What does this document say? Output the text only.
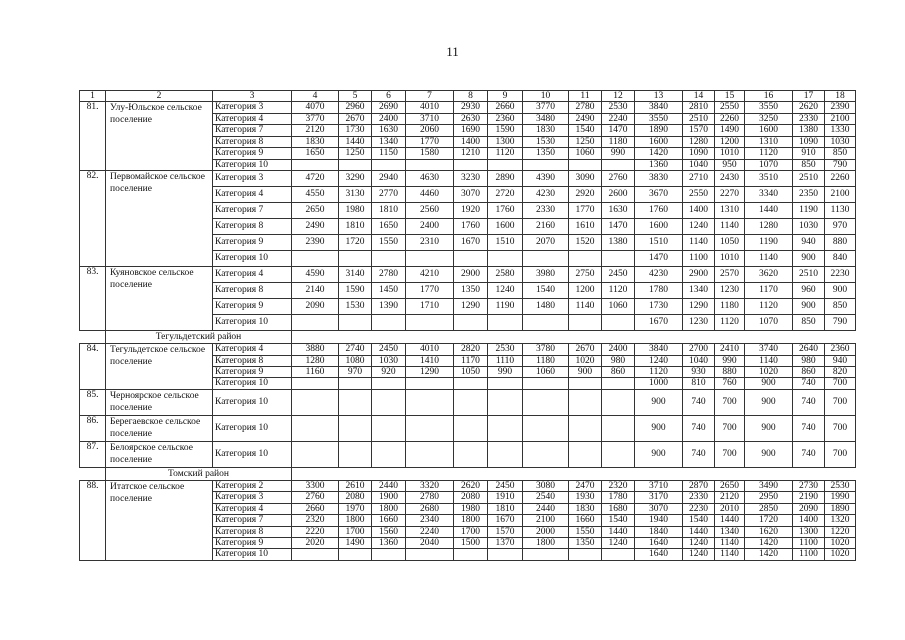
11
1	2	3	4	5	6	7	8	9	10	11	12	13	14	15	16	17	18
81.	Улу-Юльское сельское поселение	Категория 3	4070	2960	2690	4010	2930	2660	3770	2780	2530	3840	2810	2550	3550	2620	2390
		Категория 4	3770	2670	2400	3710	2630	2360	3480	2490	2240	3550	2510	2260	3250	2330	2100
		Категория 7	2120	1730	1630	2060	1690	1590	1830	1540	1470	1890	1570	1490	1600	1380	1330
		Категория 8	1830	1440	1340	1770	1400	1300	1530	1250	1180	1600	1280	1200	1310	1090	1030
		Категория 9	1650	1250	1150	1580	1210	1120	1350	1060	990	1420	1090	1010	1120	910	850
		Категория 10										1360	1040	950	1070	850	790
82.	Первомайское сельское поселение	Категория 3	4720	3290	2940	4630	3230	2890	4390	3090	2760	3830	2710	2430	3510	2510	2260
		Категория 4	4550	3130	2770	4460	3070	2720	4230	2920	2600	3670	2550	2270	3340	2350	2100
		Категория 7	2650	1980	1810	2560	1920	1760	2330	1770	1630	1760	1400	1310	1440	1190	1130
		Категория 8	2490	1810	1650	2400	1760	1600	2160	1610	1470	1600	1240	1140	1280	1030	970
		Категория 9	2390	1720	1550	2310	1670	1510	2070	1520	1380	1510	1140	1050	1190	940	880
		Категория 10										1470	1100	1010	1140	900	840
83.	Куяновское сельское поселение	Категория 4	4590	3140	2780	4210	2900	2580	3980	2750	2450	4230	2900	2570	3620	2510	2230
		Категория 8	2140	1590	1450	1770	1350	1240	1540	1200	1120	1780	1340	1230	1170	960	900
		Категория 9	2090	1530	1390	1710	1290	1190	1480	1140	1060	1730	1290	1180	1120	900	850
		Категория 10										1670	1230	1120	1070	850	790
	Тегульдетский район																
84.	Тегульдетское сельское поселение	Категория 4	3880	2740	2450	4010	2820	2530	3780	2670	2400	3840	2700	2410	3740	2640	2360
		Категория 8	1280	1080	1030	1410	1170	1110	1180	1020	980	1240	1040	990	1140	980	940
		Категория 9	1160	970	920	1290	1050	990	1060	900	860	1120	930	880	1020	860	820
		Категория 10										1000	810	760	900	740	700
85.	Черноярское сельское поселение	Категория 10										900	740	700	900	740	700
86.	Берегаевское сельское поселение	Категория 10										900	740	700	900	740	700
87.	Белоярское сельское поселение	Категория 10										900	740	700	900	740	700
	Томский район																
88.	Итатское сельское поселение	Категория 2	3300	2610	2440	3320	2620	2450	3080	2470	2320	3710	2870	2650	3490	2730	2530
		Категория 3	2760	2080	1900	2780	2080	1910	2540	1930	1780	3170	2330	2120	2950	2190	1990
		Категория 4	2660	1970	1800	2680	1980	1810	2440	1830	1680	3070	2230	2010	2850	2090	1890
		Категория 7	2320	1800	1660	2340	1800	1670	2100	1660	1540	1940	1540	1440	1720	1400	1320
		Категория 8	2220	1700	1560	2240	1700	1570	2000	1550	1440	1840	1440	1340	1620	1300	1220
		Категория 9	2020	1490	1360	2040	1500	1370	1800	1350	1240	1640	1240	1140	1420	1100	1020
		Категория 10										1640	1240	1140	1420	1100	1020
